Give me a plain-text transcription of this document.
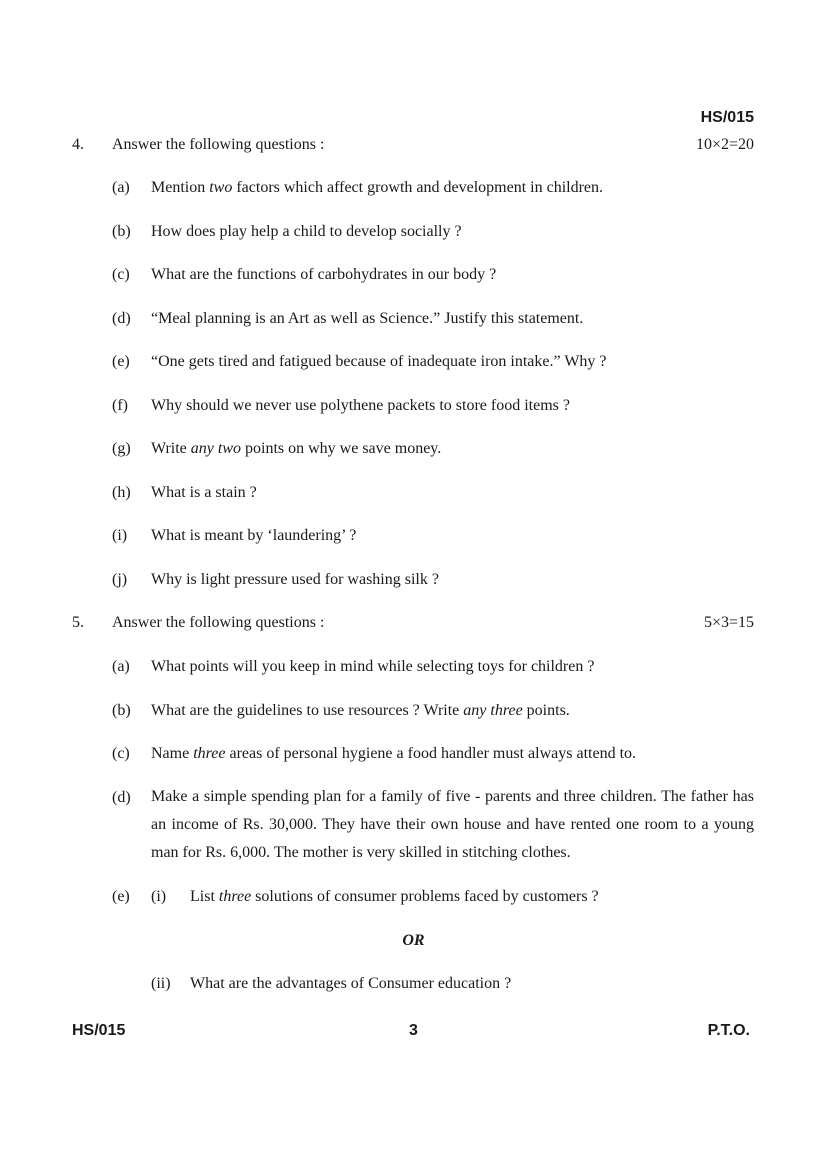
HS/015
4. Answer the following questions :	10×2=20
(a) Mention two factors which affect growth and development in children.
(b) How does play help a child to develop socially ?
(c) What are the functions of carbohydrates in our body ?
(d) “Meal planning is an Art as well as Science.” Justify this statement.
(e) “One gets tired and fatigued because of inadequate iron intake.” Why ?
(f) Why should we never use polythene packets to store food items ?
(g) Write any two points on why we save money.
(h) What is a stain ?
(i) What is meant by ‘laundering’ ?
(j) Why is light pressure used for washing silk ?
5. Answer the following questions :	5×3=15
(a) What points will you keep in mind while selecting toys for children ?
(b) What are the guidelines to use resources ? Write any three points.
(c) Name three areas of personal hygiene a food handler must always attend to.
(d) Make a simple spending plan for a family of five - parents and three children. The father has an income of Rs. 30,000. They have their own house and have rented one room to a young man for Rs. 6,000. The mother is very skilled in stitching clothes.
(e) (i) List three solutions of consumer problems faced by customers ?
OR
(ii) What are the advantages of Consumer education ?
HS/015	3	P.T.O.
